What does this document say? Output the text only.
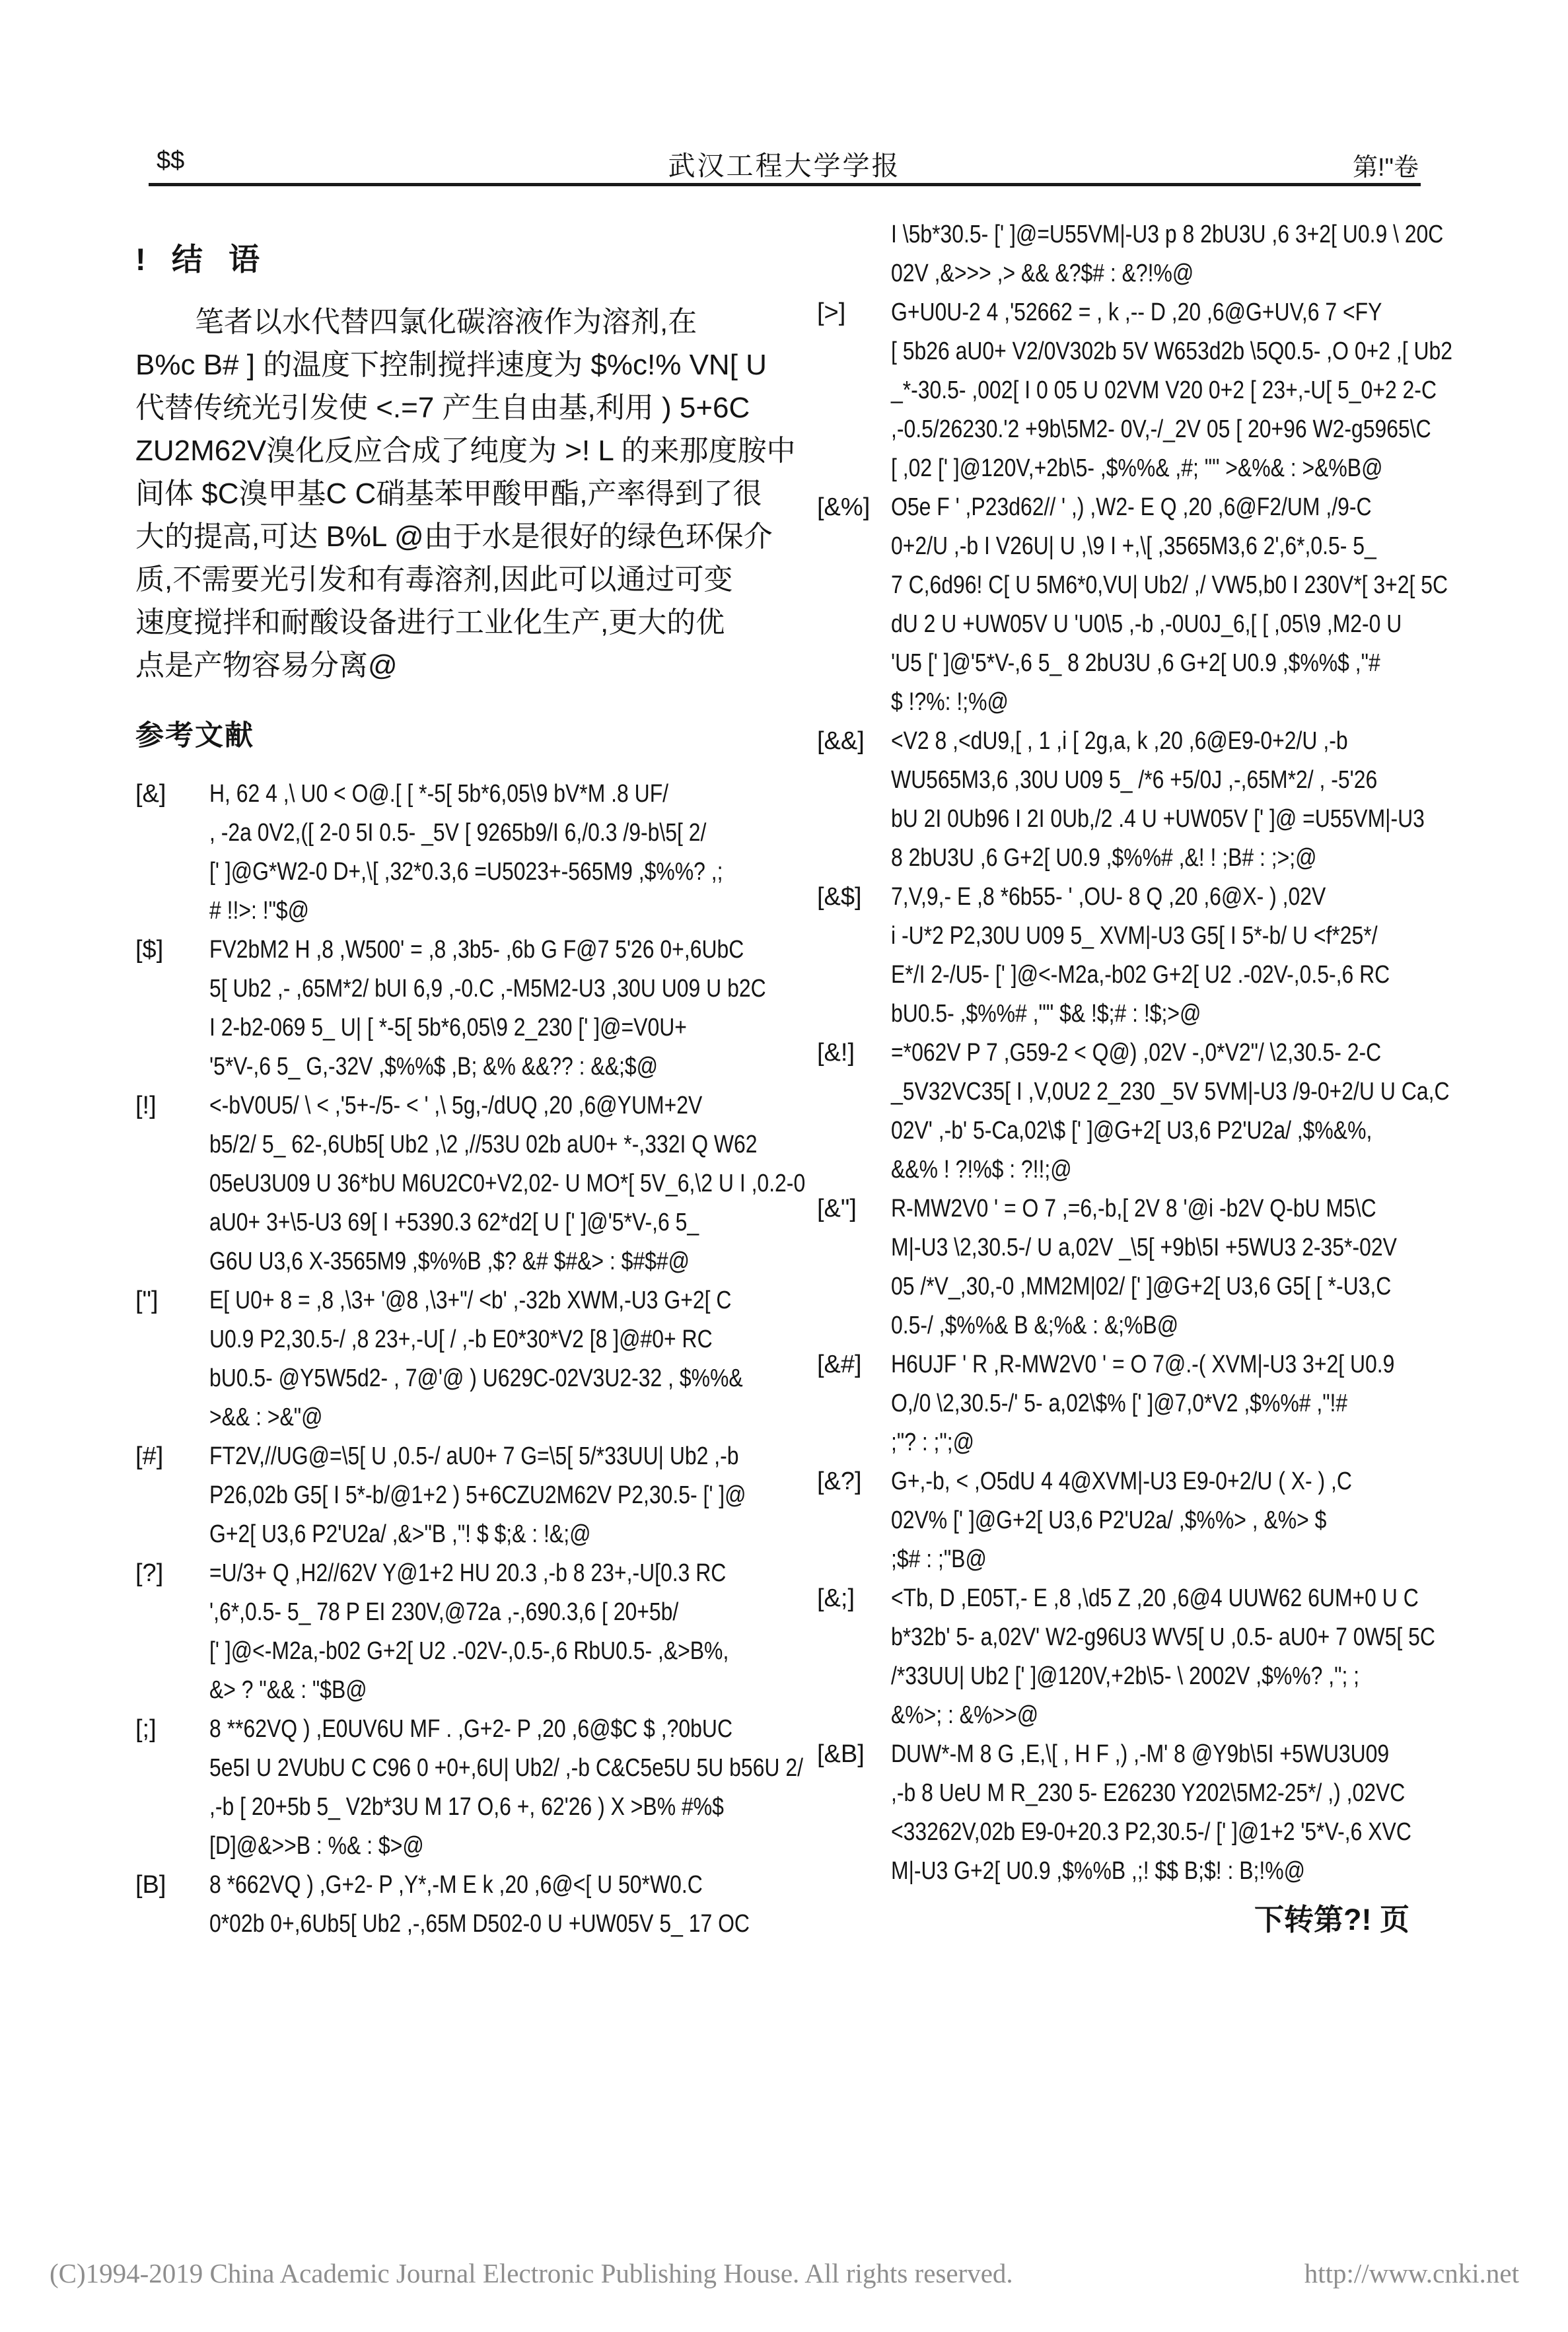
$$	武汉工程大学学报	第!"卷
!   结   语
笔者以水代替四氯化碳溶液作为溶剂,在
B%c B# ] 的温度下控制搅拌速度为 $%c!% VN[ U
代替传统光引发使 <.=7 产生自由基,利用 ) 5+6C
ZU2M62V溴化反应合成了纯度为 >! L 的来那度胺中
间体 $C溴甲基C C硝基苯甲酸甲酯,产率得到了很
大的提高,可达 B%L @由于水是很好的绿色环保介
质,不需要光引发和有毒溶剂,因此可以通过可变
速度搅拌和耐酸设备进行工业化生产,更大的优
点是产物容易分离@
参考文献
[&] H, 62 4 ,\ U0 < O@.[ [ *-5[ 5b*6,05\9 bV*M .8 UF/
, -2a 0V2,([ 2-0 5I 0.5- _5V [ 9265b9/I 6,/0.3 /9-b\5[ 2/
[' ]@G*W2-0 D+,\[ ,32*0.3,6 =U5023+-565M9 ,$%%? ,;
# !!>: !"$@
[$] FV2bM2 H ,8 ,W500' = ,8 ,3b5- ,6b G F@7 5'26 0+,6UbC
5[ Ub2 ,- ,65M*2/ bUI 6,9 ,-0.C ,-M5M2-U3 ,30U U09 U b2C
I 2-b2-069 5_ U| [ *-5[ 5b*6,05\9 2_230 [' ]@=V0U+
'5*V-,6 5_ G,-32V ,$%%$ ,B; &% &&?? : &&;$@
[!] <-bV0U5/ \ < ,'5+-/5- < ' ,\ 5g,-/dUQ ,20 ,6@YUM+2V
b5/2/ 5_ 62-,6Ub5[ Ub2 ,\2 ,//53U 02b aU0+ *-,332I Q W62
05eU3U09 U 36*bU M6U2C0+V2,02- U MO*[ 5V_6,\2 U I ,0.2-0
aU0+ 3+\5-U3 69[ I +5390.3 62*d2[ U [' ]@'5*V-,6 5_
G6U U3,6 X-3565M9 ,$%%B ,$? &# $#&> : $#$#@
["] E[ U0+ 8 = ,8 ,\3+ '@8 ,\3+"/ <b' ,-32b XWM,-U3 G+2[ C
U0.9 P2,30.5-/ ,8 23+,-U[ / ,-b E0*30*V2 [8 ]@#0+ RC
bU0.5- @Y5W5d2- , 7@'@ ) U629C-02V3U2-32 , $%%&
>&& : >&"@
[#] FT2V,//UG@=\5[ U ,0.5-/ aU0+ 7 G=\5[ 5/*33UU| Ub2 ,-b
P26,02b G5[ I 5*-b/@1+2 ) 5+6CZU2M62V P2,30.5- [' ]@
G+2[ U3,6 P2'U2a/ ,&>"B ,"! $ $;& : !&;@
[?] =U/3+ Q ,H2//62V Y@1+2 HU 20.3 ,-b 8 23+,-U[0.3 RC
',6*,0.5- 5_ 78 P EI 230V,@72a ,-,690.3,6 [ 20+5b/
[' ]@<-M2a,-b02 G+2[ U2 .-02V-,0.5-,6 RbU0.5- ,&>B%,
&> ? "&& : "$B@
[;] 8 **62VQ ) ,E0UV6U MF . ,G+2- P ,20 ,6@$C $ ,?0bUC
5e5I U 2VUbU C C96 0 +0+,6U| Ub2/ ,-b C&C5e5U 5U b56U 2/
,-b [ 20+5b 5_ V2b*3U M 17 O,6 +, 62'26 ) X >B% #%$
[D]@&>>B : %& : $>@
[B] 8 *662VQ ) ,G+2- P ,Y*,-M E k ,20 ,6@<[ U 50*W0.C
0*02b 0+,6Ub5[ Ub2 ,-,65M D502-0 U +UW05V 5_ 17 OC
I \5b*30.5- [' ]@=U55VM|-U3 p 8 2bU3U ,6 3+2[ U0.9 \ 20C
02V ,&>>> ,> && &?$# : &?!%@
[>] G+U0U-2 4 ,'52662 = , k ,-- D ,20 ,6@G+UV,6 7 <FY
[ 5b26 aU0+ V2/0V302b 5V W653d2b \5Q0.5- ,O 0+2 ,[ Ub2
_*-30.5- ,002[ I 0 05 U 02VM V20 0+2 [ 23+,-U[ 5_0+2 2-C
,-0.5/26230.'2 +9b\5M2- 0V,-/_2V 05 [ 20+96 W2-g5965\C
[ ,02 [' ]@120V,+2b\5- ,$%%& ,#; "" >&%& : >&%B@
[&%] O5e F ' ,P23d62// ' ,) ,W2- E Q ,20 ,6@F2/UM ,/9-C
0+2/U ,-b I V26U| U ,\9 I +,\[ ,3565M3,6 2',6*,0.5- 5_
7 C,6d96! C[ U 5M6*0,VU| Ub2/ ,/ VW5,b0 I 230V*[ 3+2[ 5C
dU 2 U +UW05V U 'U0\5 ,-b ,-0U0J_6,[ [ ,05\9 ,M2-0 U
'U5 [' ]@'5*V-,6 5_ 8 2bU3U ,6 G+2[ U0.9 ,$%%$ ,"#
$ !?%: !;%@
[&&] <V2 8 ,<dU9,[ , 1 ,i [ 2g,a, k ,20 ,6@E9-0+2/U ,-b
WU565M3,6 ,30U U09 5_ /*6 +5/0J ,-,65M*2/ , -5'26
bU 2I 0Ub96 I 2I 0Ub,/2 .4 U +UW05V [' ]@ =U55VM|-U3
8 2bU3U ,6 G+2[ U0.9 ,$%%# ,&! ! ;B# : ;>;@
[&$] 7,V,9,- E ,8 *6b55- ' ,OU- 8 Q ,20 ,6@X- ) ,02V
i -U*2 P2,30U U09 5_ XVM|-U3 G5[ I 5*-b/ U <f*25*/
E*/I 2-/U5- [' ]@<-M2a,-b02 G+2[ U2 .-02V-,0.5-,6 RC
bU0.5- ,$%%# ,"" $& !$;# : !$;>@
[&!] =*062V P 7 ,G59-2 < Q@) ,02V -,0*V2"/ \2,30.5- 2-C
_5V32VC35[ I ,V,0U2 2_230 _5V 5VM|-U3 /9-0+2/U U Ca,C
02V' ,-b' 5-Ca,02\$ [' ]@G+2[ U3,6 P2'U2a/ ,$%&%,
&&% ! ?!%$ : ?!!;@
[&"] R-MW2V0 ' = O 7 ,=6,-b,[ 2V 8 '@i -b2V Q-bU M5\C
M|-U3 \2,30.5-/ U a,02V _\5[ +9b\5I +5WU3 2-35*-02V
05 /*V_,30,-0 ,MM2M|02/ [' ]@G+2[ U3,6 G5[ [ *-U3,C
0.5-/ ,$%%& B &;%& : &;%B@
[&#] H6UJF ' R ,R-MW2V0 ' = O 7@.-( XVM|-U3 3+2[ U0.9
O,/0 \2,30.5-/' 5- a,02\$% [' ]@7,0*V2 ,$%%# ,"!#
;"? : ;";@
[&?] G+,-b, < ,O5dU 4 4@XVM|-U3 E9-0+2/U ( X- ) ,C
02V% [' ]@G+2[ U3,6 P2'U2a/ ,$%%> , &%> $
;$# : ;"B@
[&;] <Tb, D ,E05T,- E ,8 ,\d5 Z ,20 ,6@4 UUW62 6UM+0 U C
b*32b' 5- a,02V' W2-g96U3 WV5[ U ,0.5- aU0+ 7 0W5[ 5C
/*33UU| Ub2 [' ]@120V,+2b\5- \ 2002V ,$%%? ,"; ;
&%>; : &%>>@
[&B] DUW*-M 8 G ,E,\[ , H F ,) ,-M' 8 @Y9b\5I +5WU3U09
,-b 8 UeU M R_230 5- E26230 Y202\5M2-25*/ ,) ,02VC
<33262V,02b E9-0+20.3 P2,30.5-/ [' ]@1+2 '5*V-,6 XVC
M|-U3 G+2[ U0.9 ,$%%B ,;! $$ B;$! : B;!%@
下转第?! 页
(C)1994-2019 China Academic Journal Electronic Publishing House. All rights reserved.	http://www.cnki.net
